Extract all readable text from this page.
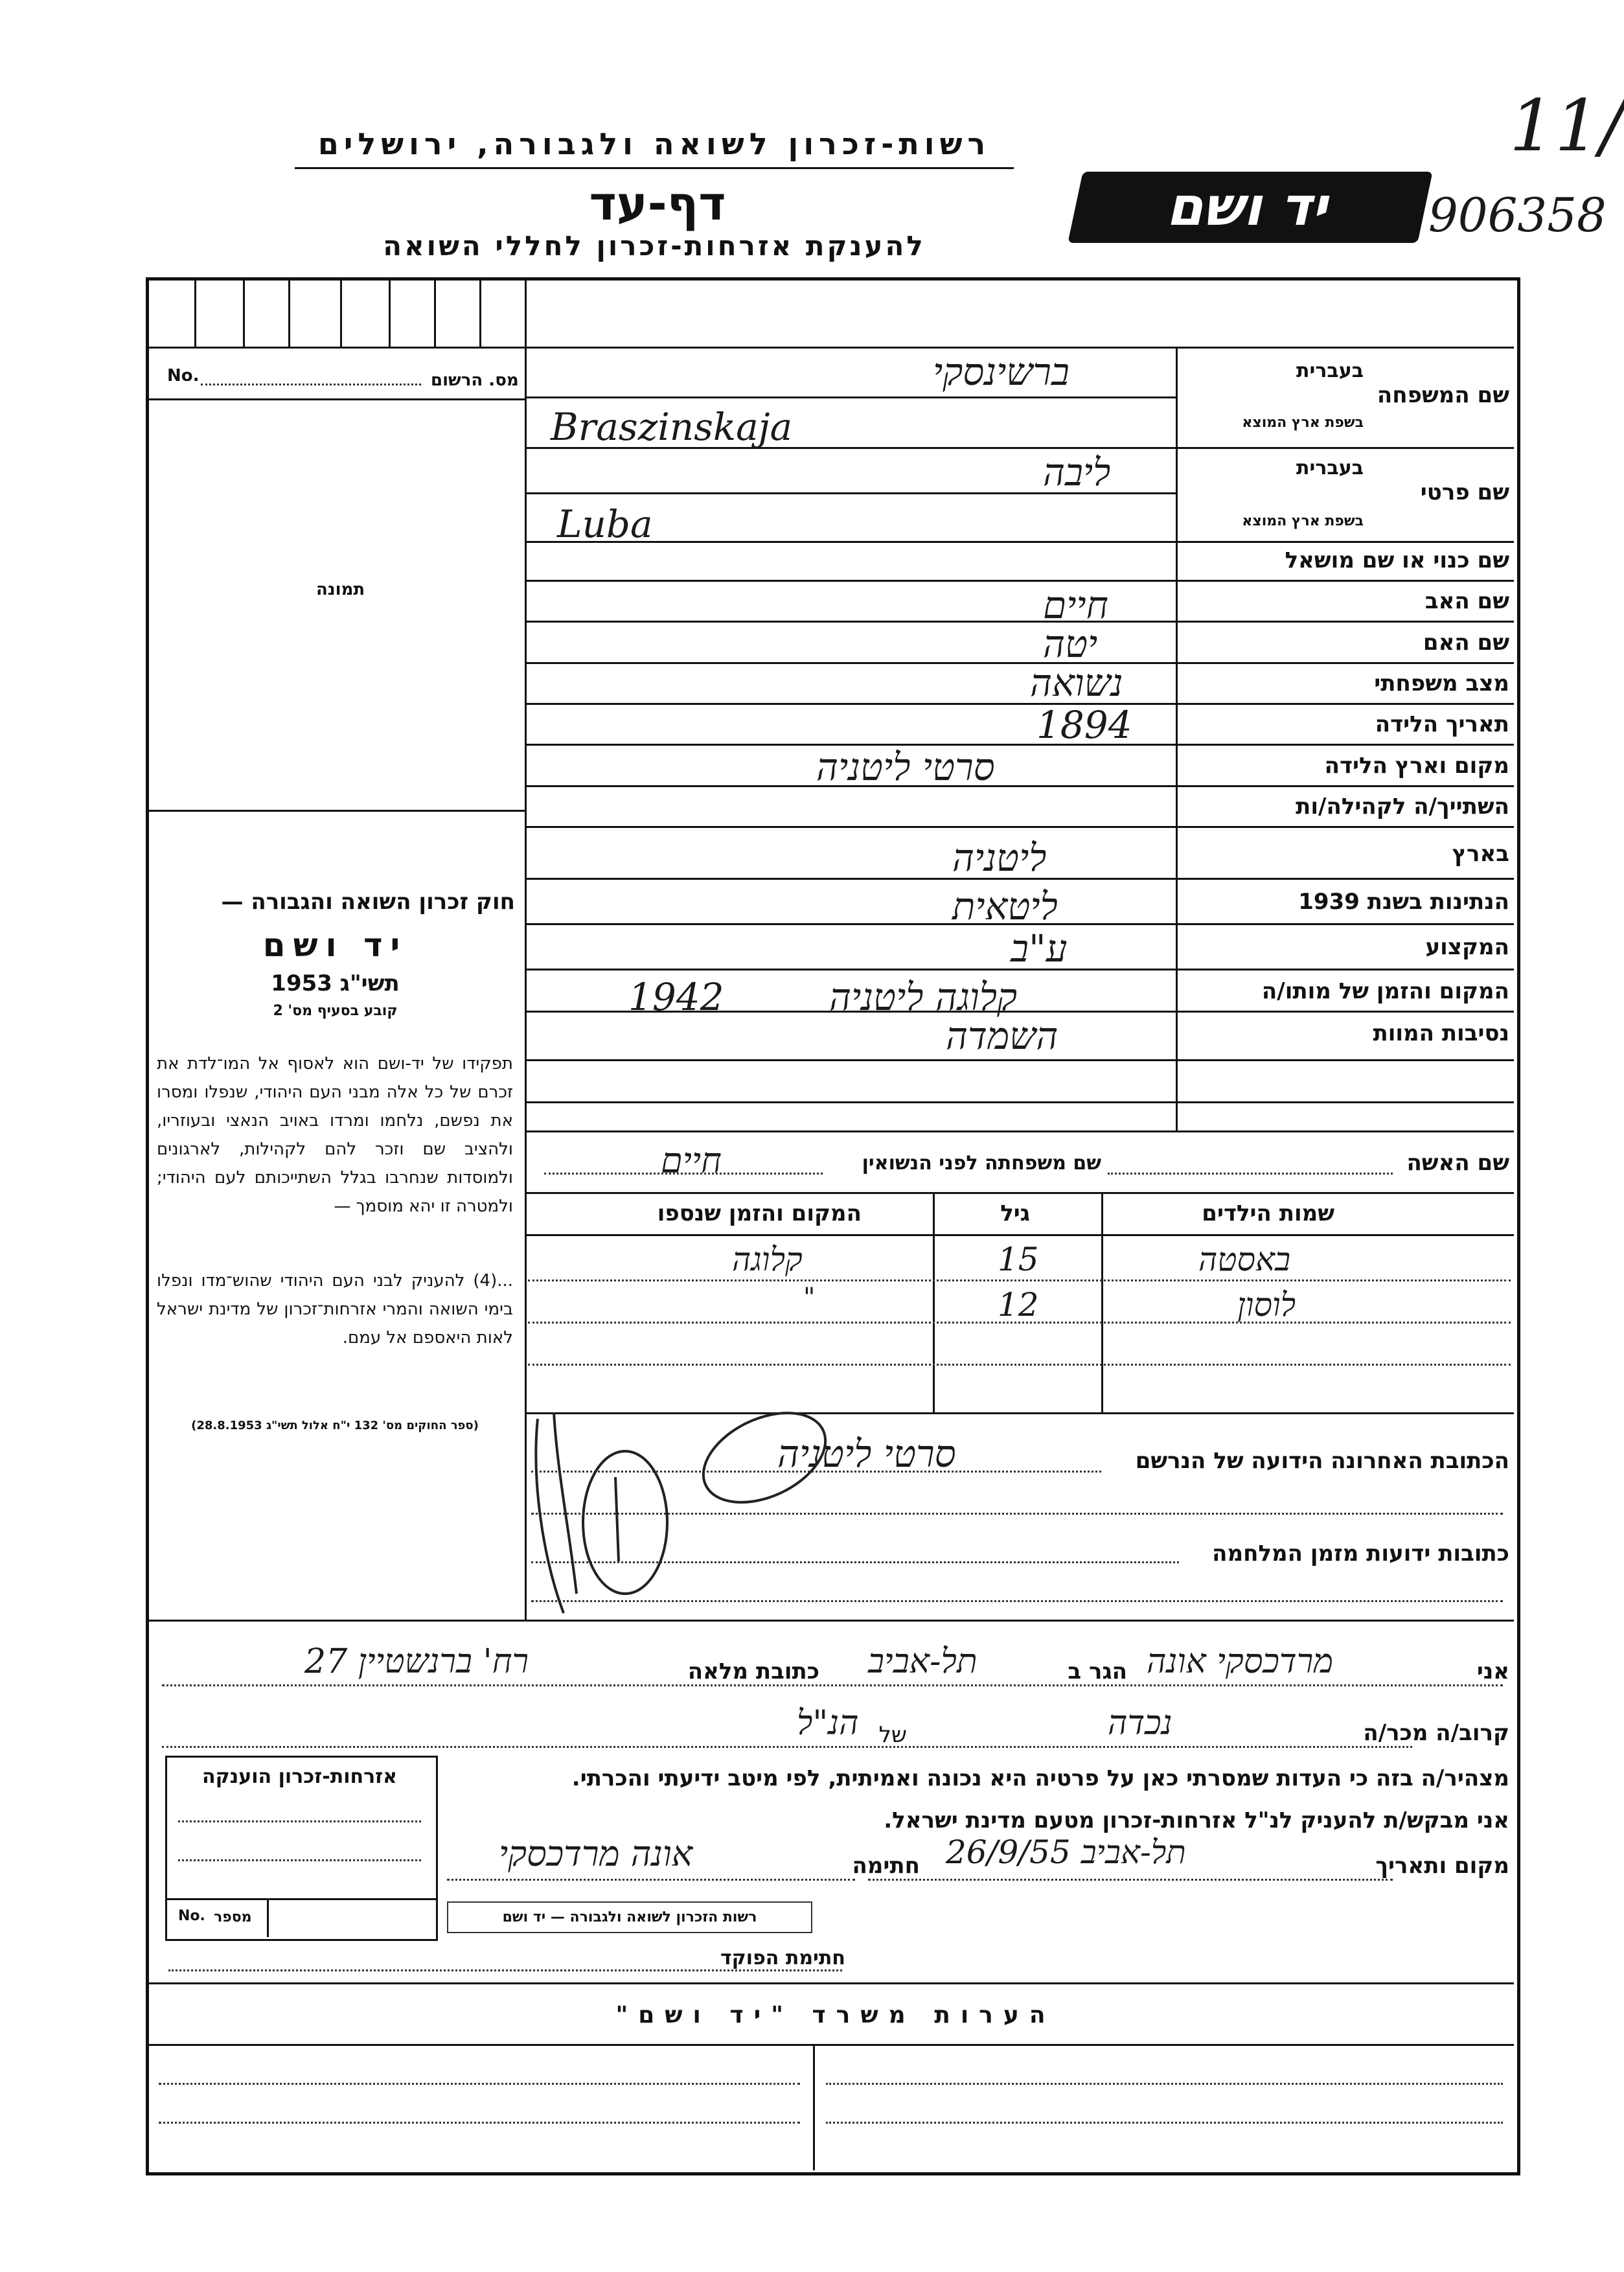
רשות-זכרון לשואה ולגבורה, ירושלים
דף-עד
להענקת אזרחות-זכרון לחללי השואה
יד ושם	906358
11/
No.	מס. הרשום
תמונה
חוק זכרון השואה והגבורה —
יד ושם
תשי"ג 1953
קובע בסעיף מס' 2
תפקידו של יד-ושם הוא לאסוף אל המו־לדת את זכרם של כל אלה מבני העם היהודי, שנפלו ומסרו את נפשם, נלחמו ומרדו באויב הנאצי ובעוזריו, ולהציב שם וזכר להם לקהילות, לארגונים ולמוסדות שנחרבו בגלל השתייכותם לעם היהודי; ולמטרה זו יהא מוסמך —
...(4) להעניק לבני העם היהודי שהוש־מדו ונפלו בימי השואה והמרי אזרחות־זכרון של מדינת ישראל לאות היאספם אל עמם.
(ספר החוקים מס' 132 י"ח אלול תשי"ג 28.8.1953)
בעברית
שם המשפחה
בשפת ארץ המוצא
בעברית
שם פרטי
בשפת ארץ המוצא
שם כנוי או שם מושאל
שם האב
שם האם
מצב משפחתי
תאריך הלידה
מקום וארץ הלידה
השתייך/ה לקהילה/ות
בארץ
הנתינות בשנת 1939
המקצוע
המקום והזמן של מותו/ה
נסיבות המוות
ברשינסקי
Braszinskaja
ליבה
Luba
חיים
יטה
נשואה
1894
סרטי ליטניה
ליטניה
ליטאית
ע"ב
קלוגה ליטניה
1942
השמדה
שם האשה
שם משפחתה לפני הנשואין
חיים
שמות הילדים
גיל
המקום והזמן שנספו
באסטה
15
קלוגה
לוסון
12
"
הכתובת האחרונה הידועה של הנרשם
סרטי ליטניה
כתובות ידועות מזמן המלחמה
אני
מרדכסקי אונה
הגר ב
תל-אביב
כתובת מלאה
רח' ברנשטיין 27
קרוב/ה מכר/ה
נכדה
של
הנ"ל
מצהיר/ה בזה כי העדות שמסרתי כאן על פרטיה היא נכונה ואמיתית, לפי מיטב ידיעתי והכרתי.
אני מבקש/ת להעניק לנ"ל אזרחות-זכרון מטעם מדינת ישראל.
מקום ותאריך
תל-אביב 26/9/55
חתימה
אונה מרדכסקי
רשות הזכרון לשואה ולגבורה — יד ושם
חתימת הפוקד
אזרחות-זכרון הוענקה
No. מספר
הערות משרד "יד ושם"
